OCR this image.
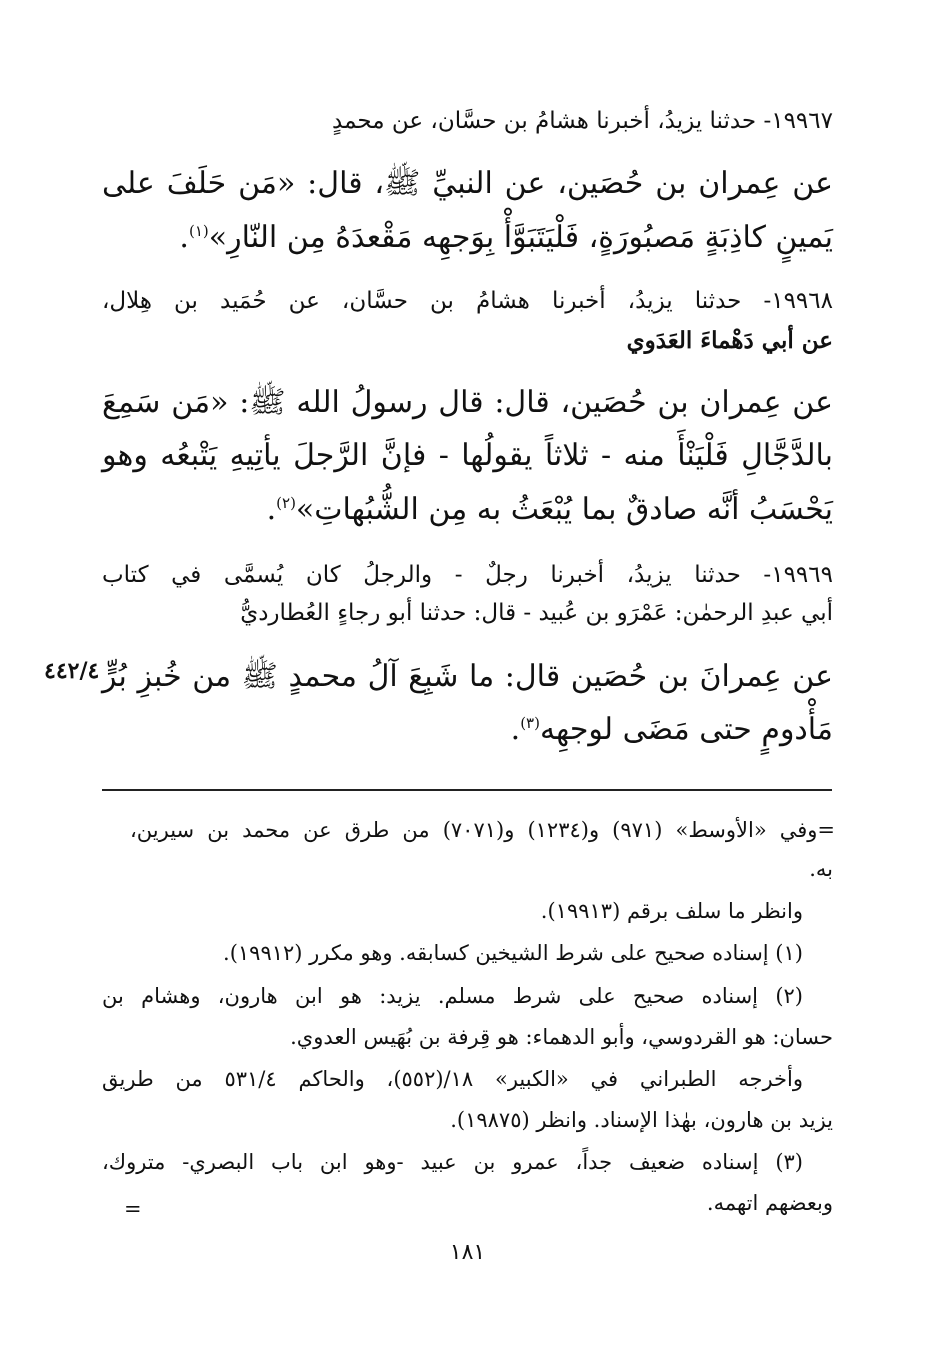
١٩٩٦٧- حدثنا يزيدُ، أخبرنا هشامُ بن حسَّان، عن محمدٍ
عن عِمران بن حُصَين، عن النبيِّ ﷺ، قال: «مَن حَلَفَ على
يَمينٍ كاذِبَةٍ مَصبُورَةٍ، فَلْيَتَبَوَّأْ بِوَجهِه مَقْعدَهُ مِن النّارِ»$^{(١)}$.
١٩٩٦٨- حدثنا يزيدُ، أخبرنا هشامُ بن حسَّان، عن حُمَيد بن هِلال،
عن أبي دَهْماءَ العَدَوي
عن عِمران بن حُصَين، قال: قال رسولُ الله ﷺ: «مَن سَمِعَ
بالدَّجَّالِ فَلْيَنْأَ منه - ثلاثاً يقولُها - فإنَّ الرَّجلَ يأتِيهِ يَتْبعُه وهو
يَحْسَبُ أنَّه صادقٌ بما يُبْعَثُ به مِن الشُّبُهاتِ»$^{(٢)}$.
١٩٩٦٩- حدثنا يزيدُ، أخبرنا رجلٌ - والرجلُ كان يُسمَّى في كتاب
أبي عبدِ الرحمٰن: عَمْرَو بن عُبيد - قال: حدثنا أبو رجاءٍ العُطارديُّ
عن عِمرانَ بن حُصَين قال: ما شَبِعَ آلُ محمدٍ ﷺ من خُبزِ بُرٍّ
مَأْدومٍ حتى مَضَى لوجهِه$^{(٣)}$.
٤٤٢/٤
=وفي «الأوسط» (٩٧١) و(١٢٣٤) و(٧٠٧١) من طرق عن محمد بن سيرين،
به.
وانظر ما سلف برقم (١٩٩١٣).
(١) إسناده صحيح على شرط الشيخين كسابقه. وهو مكرر (١٩٩١٢).
(٢) إسناده صحيح على شرط مسلم. يزيد: هو ابن هارون، وهشام بن
حسان: هو القردوسي، وأبو الدهماء: هو قِرفة بن بُهَيس العدوي.
وأخرجه الطبراني في «الكبير» ١٨/(٥٥٢)، والحاكم ٥٣١/٤ من طريق
يزيد بن هارون، بهٰذا الإسناد. وانظر (١٩٨٧٥).
(٣) إسناده ضعيف جداً، عمرو بن عبيد -وهو ابن باب البصري- متروك،
وبعضهم اتهمه.
=
١٨١
